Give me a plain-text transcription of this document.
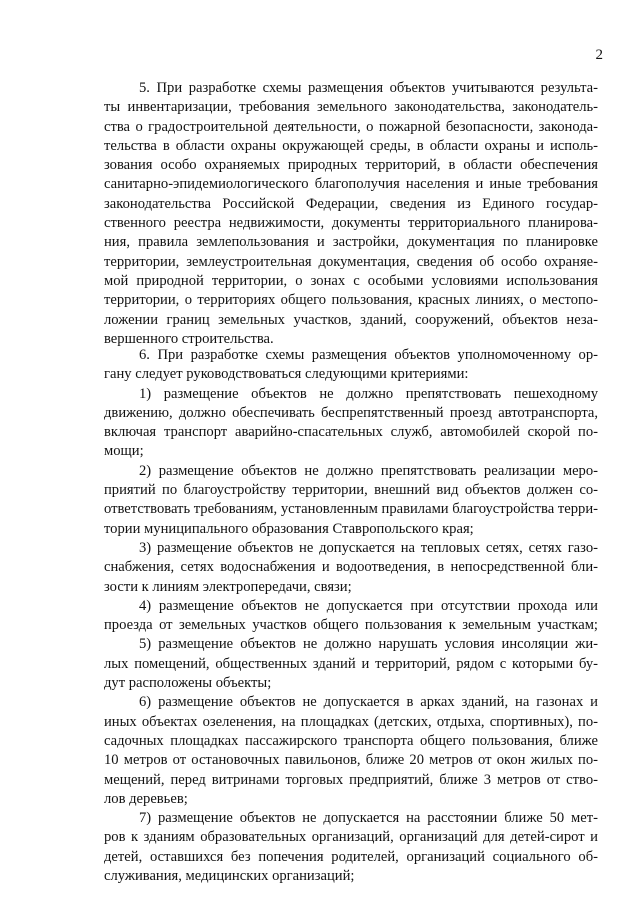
2
5. При разработке схемы размещения объектов учитываются результа-
ты инвентаризации, требования земельного законодательства, законодатель-
ства о градостроительной деятельности, о пожарной безопасности, законода-
тельства в области охраны окружающей среды, в области охраны и исполь-
зования особо охраняемых природных территорий, в области обеспечения
санитарно-эпидемиологического благополучия населения и иные требования
законодательства Российской Федерации, сведения из Единого государ-
ственного реестра недвижимости, документы территориального планирова-
ния, правила землепользования и застройки, документация по планировке
территории, землеустроительная документация, сведения об особо охраняе-
мой природной территории, о зонах с особыми условиями использования
территории, о территориях общего пользования, красных линиях, о местопо-
ложении границ земельных участков, зданий, сооружений, объектов неза-
вершенного строительства.
6. При разработке схемы размещения объектов уполномоченному ор-
гану следует руководствоваться следующими критериями:
1) размещение объектов не должно препятствовать пешеходному
движению, должно обеспечивать беспрепятственный проезд автотранспорта,
включая транспорт аварийно-спасательных служб, автомобилей скорой по-
мощи;
2) размещение объектов не должно препятствовать реализации меро-
приятий по благоустройству территории, внешний вид объектов должен со-
ответствовать требованиям, установленным правилами благоустройства терри-
тории муниципального образования Ставропольского края;
3) размещение объектов не допускается на тепловых сетях, сетях газо-
снабжения, сетях водоснабжения и водоотведения, в непосредственной бли-
зости к линиям электропередачи, связи;
4) размещение объектов не допускается при отсутствии прохода или
проезда от земельных участков общего пользования к земельным участкам;
5) размещение объектов не должно нарушать условия инсоляции жи-
лых помещений, общественных зданий и территорий, рядом с которыми бу-
дут расположены объекты;
6) размещение объектов не допускается в арках зданий, на газонах и
иных объектах озеленения, на площадках (детских, отдыха, спортивных), по-
садочных площадках пассажирского транспорта общего пользования, ближе
10 метров от остановочных павильонов, ближе 20 метров от окон жилых по-
мещений, перед витринами торговых предприятий, ближе 3 метров от ство-
лов деревьев;
7) размещение объектов не допускается на расстоянии ближе 50 мет-
ров к зданиям образовательных организаций, организаций для детей-сирот и
детей, оставшихся без попечения родителей, организаций социального об-
служивания, медицинских организаций;
